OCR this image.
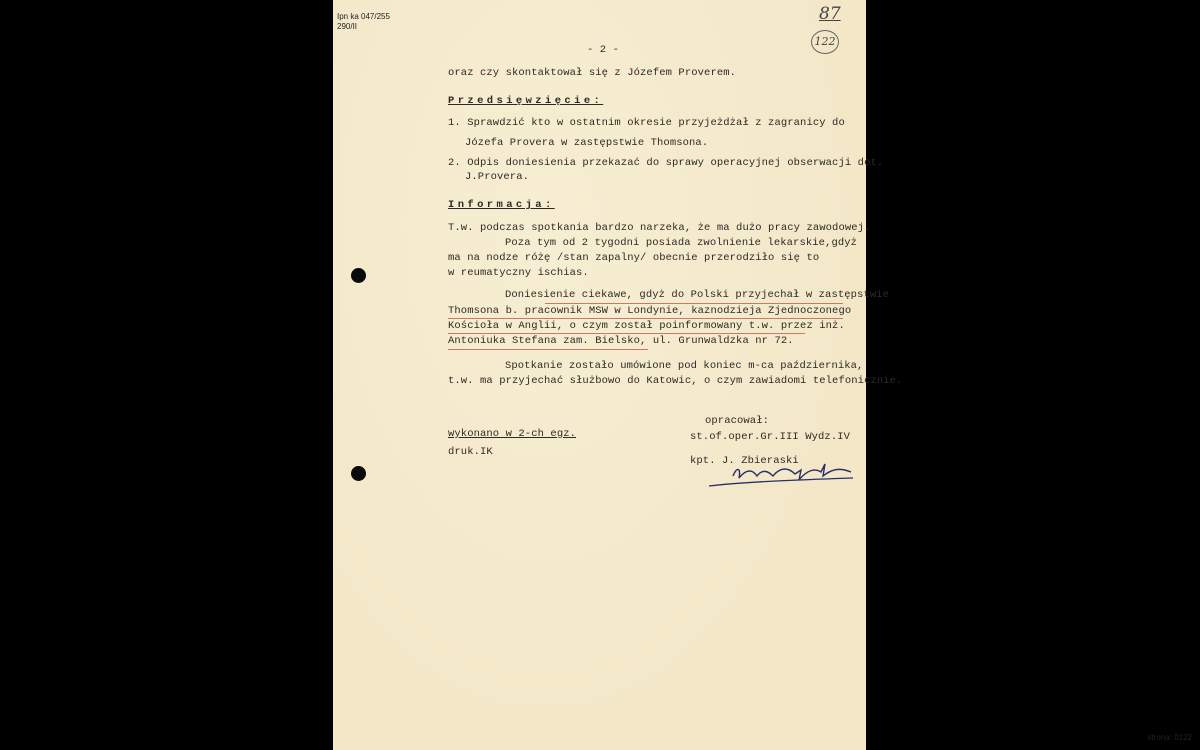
Ipn ka 047/255
290/II
87
122
- 2 -
oraz czy skontaktował się z Józefem Proverem.
Przedsięwzięcie:
1. Sprawdzić kto w ostatnim okresie przyjeżdżał z zagranicy do
Józefa Provera w zastępstwie Thomsona.
2. Odpis doniesienia przekazać do sprawy operacyjnej obserwacji dot.
J.Provera.
Informacja:
T.w. podczas spotkania bardzo narzeka, że ma dużo pracy zawodowej.
Poza tym od 2 tygodni posiada zwolnienie lekarskie,gdyż
ma na nodze różę /stan zapalny/ obecnie przerodziło się to
w reumatyczny ischias.
Doniesienie ciekawe, gdyż do Polski przyjechał w zastępstwie
Thomsona b. pracownik MSW w Londynie, kaznodzieja Zjednoczonego
Kościoła w Anglii, o czym został poinformowany t.w. przez inż.
Antoniuka Stefana zam. Bielsko, ul. Grunwaldzka nr 72.
Spotkanie zostało umówione pod koniec m-ca października,
t.w. ma przyjechać służbowo do Katowic, o czym zawiadomi telefonicznie.
wykonano w 2-ch egz.
druk.IK
opracował:
st.of.oper.Gr.III Wydz.IV
kpt. J. Zbieraski
strona: 0122
